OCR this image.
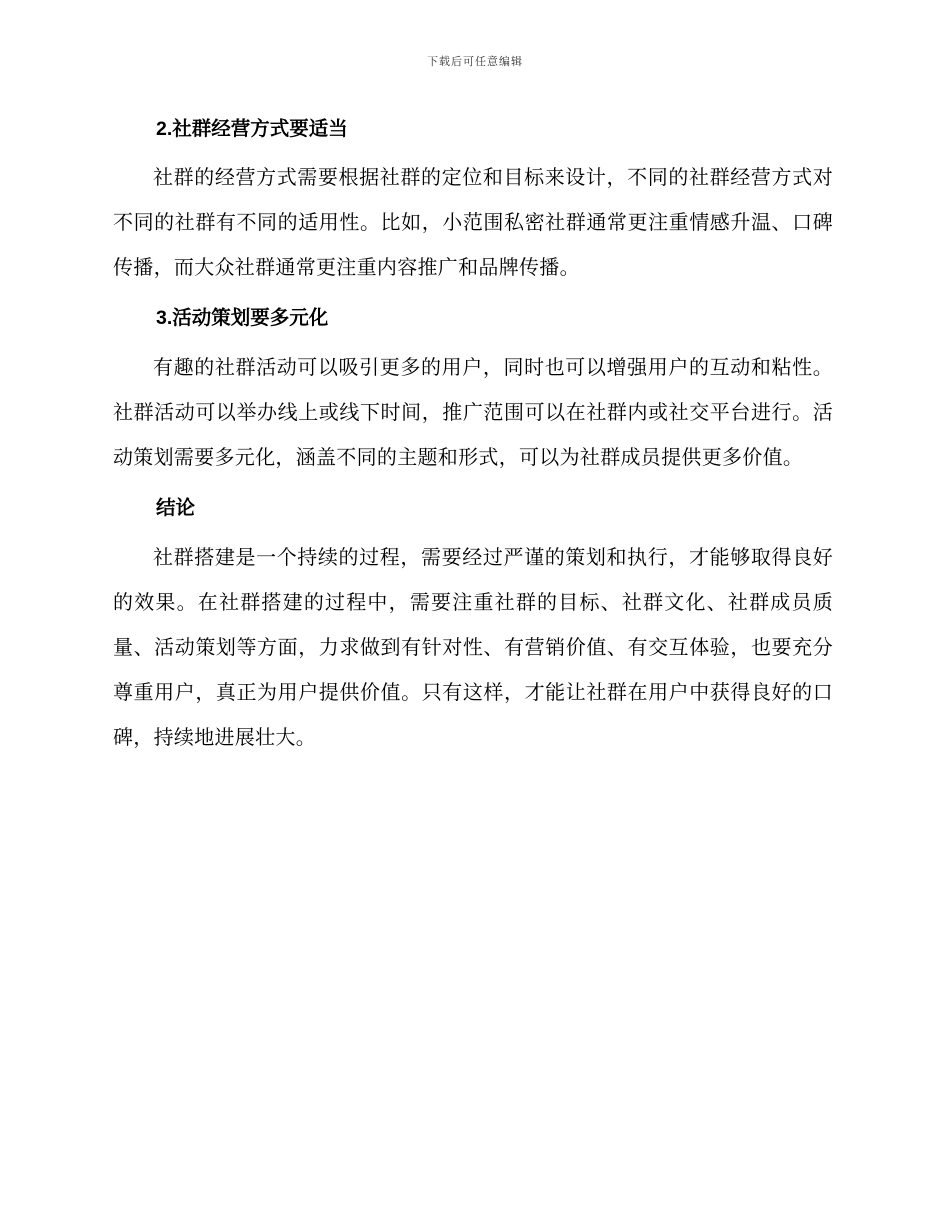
下载后可任意编辑
2.社群经营方式要适当

社群的经营方式需要根据社群的定位和目标来设计，不同的社群经营方式对不同的社群有不同的适用性。比如，小范围私密社群通常更注重情感升温、口碑传播，而大众社群通常更注重内容推广和品牌传播。

3.活动策划要多元化

有趣的社群活动可以吸引更多的用户，同时也可以增强用户的互动和粘性。社群活动可以举办线上或线下时间，推广范围可以在社群内或社交平台进行。活动策划需要多元化，涵盖不同的主题和形式，可以为社群成员提供更多价值。

结论

社群搭建是一个持续的过程，需要经过严谨的策划和执行，才能够取得良好的效果。在社群搭建的过程中，需要注重社群的目标、社群文化、社群成员质量、活动策划等方面，力求做到有针对性、有营销价值、有交互体验，也要充分尊重用户，真正为用户提供价值。只有这样，才能让社群在用户中获得良好的口碑，持续地进展壮大。
